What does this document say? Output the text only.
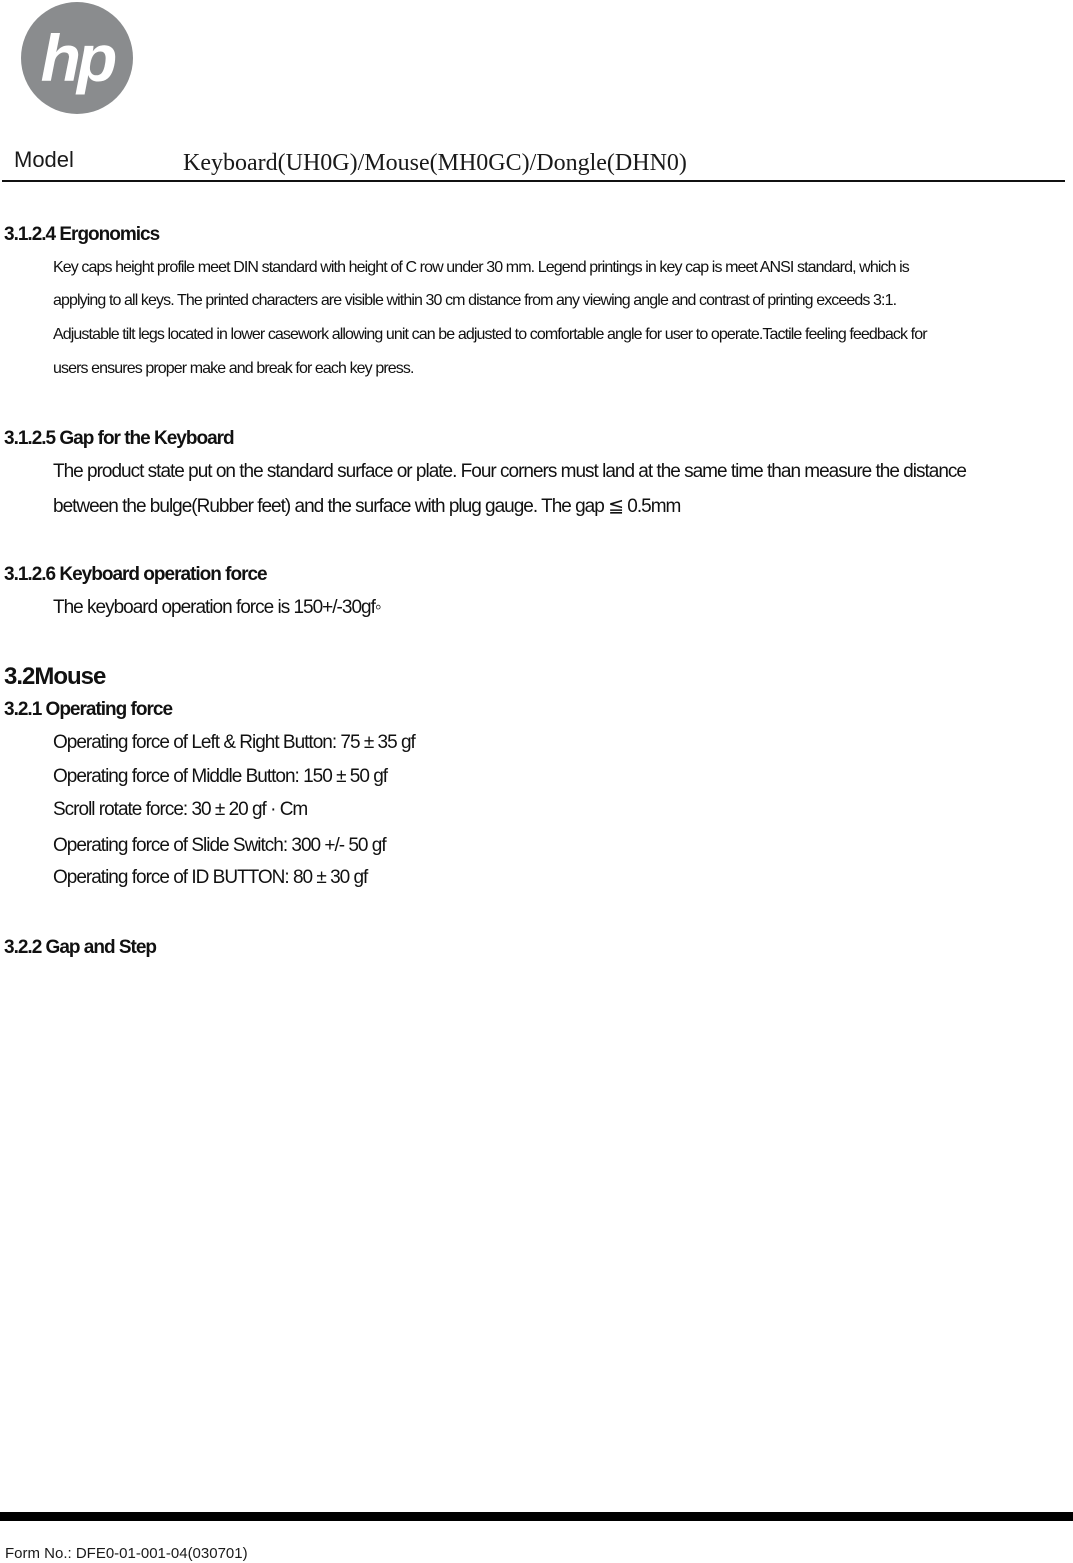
hp
Model	Keyboard(UH0G)/Mouse(MH0GC)/Dongle(DHN0)
3.1.2.4 Ergonomics
Key caps height profile meet DIN standard with height of C row under 30 mm. Legend printings in key cap is meet ANSI standard, which is
applying to all keys. The printed characters are visible within 30 cm distance from any viewing angle and contrast of printing exceeds 3:1.
Adjustable tilt legs located in lower casework allowing unit can be adjusted to comfortable angle for user to operate.Tactile feeling feedback for
users ensures proper make and break for each key press.
3.1.2.5 Gap for the Keyboard
The product state put on the standard surface or plate. Four corners must land at the same time than measure the distance
between the bulge(Rubber feet) and the surface with plug gauge. The gap ≦ 0.5mm
3.1.2.6 Keyboard operation force
The keyboard operation force is 150+/-30gf◦
3.2Mouse
3.2.1 Operating force
Operating force of Left & Right Button: 75 ± 35 gf
Operating force of Middle Button: 150 ± 50 gf
Scroll rotate force: 30 ± 20 gf · Cm
Operating force of Slide Switch: 300 +/- 50 gf
Operating force of ID BUTTON: 80 ± 30 gf
3.2.2 Gap and Step
Form No.: DFE0-01-001-04(030701)
